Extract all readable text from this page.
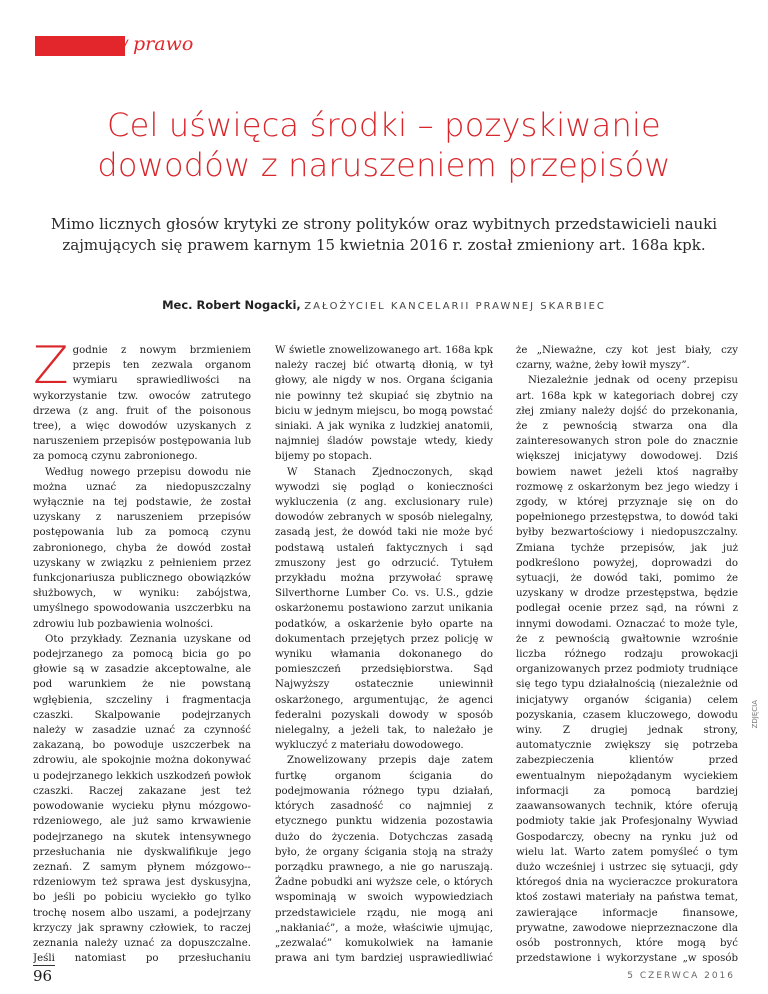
/ prawo
Cel uświęca środki – pozyskiwanie
dowodów z naruszeniem przepisów
Mimo licznych głosów krytyki ze strony polityków oraz wybitnych przedstawicieli nauki zajmujących się prawem karnym 15 kwietnia 2016 r. został zmieniony art. 168a kpk.
Mec. Robert Nogacki, ZAŁOŻYCIEL KANCELARII PRAWNEJ SKARBIEC
Z godnie z nowym brzmieniem przepis ten zezwala organom wymiaru sprawiedliwości na wykorzystanie tzw. owoców zatrutego drzewa (z ang. fruit of the poisonous tree), a więc dowodów uzyskanych z naruszeniem przepisów postępowania lub za pomocą czynu zabronionego.

Według nowego przepisu dowodu nie można uznać za niedopuszczalny wyłącznie na tej podstawie, że został uzyskany z naruszeniem przepisów postępowania lub za pomocą czynu zabronionego, chyba że dowód został uzyskany w związku z pełnieniem przez funkcjonariusza publicznego obowiązków służbowych, w wyniku: zabójstwa, umyślnego spowodowania uszczerbku na zdrowiu lub pozbawienia wolności.

Oto przykłady. Zeznania uzyskane od podejrzanego za pomocą bicia go po głowie są w zasadzie akceptowalne, ale pod warunkiem że nie powstaną wgłębienia, szczeliny i fragmentacja czaszki. Skalpowanie podejrzanych należy w zasadzie uznać za czynność zakazaną, bo powoduje uszczerbek na zdrowiu, ale spokojnie można dokonywać u podejrzanego lekkich uszkodzeń powłok czaszki. Raczej zakazane jest też powodowanie wycieku płynu mózgowo-rdzeniowego, ale już samo krwawienie podejrzanego na skutek intensywnego przesłuchania nie dyskwalifikuje jego zeznań. Z samym płynem mózgowo--rdzeniowym też sprawa jest dyskusyjna, bo jeśli po pobiciu wyciekło go tylko trochę nosem albo uszami, a podejrzany krzyczy jak sprawny człowiek, to raczej zeznania należy uznać za dopuszczalne. Jeśli natomiast po przesłuchaniu

W świetle znowelizowanego art. 168a kpk należy raczej bić otwartą dłonią, w tył głowy, ale nigdy w nos. Organa ścigania nie powinny też skupiać się zbytnio na biciu w jednym miejscu, bo mogą powstać siniaki. A jak wynika z ludzkiej anatomii, najmniej śladów powstaje wtedy, kiedy bijemy po stopach.

W Stanach Zjednoczonych, skąd wywodzi się pogląd o konieczności wykluczenia (z ang. exclusionary rule) dowodów zebranych w sposób nielegalny, zasadą jest, że dowód taki nie może być podstawą ustaleń faktycznych i sąd zmuszony jest go odrzucić. Tytułem przykładu można przywołać sprawę Silverthorne Lumber Co. vs. U.S., gdzie oskarżonemu postawiono zarzut unikania podatków, a oskarżenie było oparte na dokumentach przejętych przez policję w wyniku włamania dokonanego do pomieszczeń przedsiębiorstwa. Sąd Najwyższy ostatecznie uniewinnił oskarżonego, argumentując, że agenci federalni pozyskali dowody w sposób nielegalny, a jeżeli tak, to należało je wykluczyć z materiału dowodowego.

Znowelizowany przepis daje zatem furtkę organom ścigania do podejmowania różnego typu działań, których zasadność co najmniej z etycznego punktu widzenia pozostawia dużo do życzenia. Dotychczas zasadą było, że organy ścigania stoją na straży porządku prawnego, a nie go naruszają. Żadne pobudki ani wyższe cele, o których wspominają w swoich wypowiedziach przedstawiciele rządu, nie mogą ani „nakłaniać”, a może, właściwie ujmując, „zezwalać” komukolwiek na łamanie prawa ani tym bardziej usprawiedliwiać

że „Nieważne, czy kot jest biały, czy czarny, ważne, żeby łowił myszy”.

Niezależnie jednak od oceny przepisu art. 168a kpk w kategoriach dobrej czy złej zmiany należy dojść do przekonania, że z pewnością stwarza ona dla zainteresowanych stron pole do znacznie większej inicjatywy dowodowej. Dziś bowiem nawet jeżeli ktoś nagrałby rozmowę z oskarżonym bez jego wiedzy i zgody, w której przyznaje się on do popełnionego przestępstwa, to dowód taki byłby bezwartościowy i niedopuszczalny. Zmiana tychże przepisów, jak już podkreślono powyżej, doprowadzi do sytuacji, że dowód taki, pomimo że uzyskany w drodze przestępstwa, będzie podlegał ocenie przez sąd, na równi z innymi dowodami. Oznaczać to może tyle, że z pewnością gwałtownie wzrośnie liczba różnego rodzaju prowokacji organizowanych przez podmioty trudniące się tego typu działalnością (niezależnie od inicjatywy organów ścigania) celem pozyskania, czasem kluczowego, dowodu winy. Z drugiej jednak strony, automatycznie zwiększy się potrzeba zabezpieczenia klientów przed ewentualnym niepożądanym wyciekiem informacji za pomocą bardziej zaawansowanych technik, które oferują podmioty takie jak Profesjonalny Wywiad Gospodarczy, obecny na rynku już od wielu lat. Warto zatem pomyśleć o tym dużo wcześniej i ustrzec się sytuacji, gdy któregoś dnia na wycieraczce prokuratora ktoś zostawi materiały na państwa temat, zawierające informacje finansowe, prywatne, zawodowe nieprzeznaczone dla osób postronnych, które mogą być przedstawione i wykorzystane „w sposób

ZDJĘCIA
96	5 CZERWCA 2016
